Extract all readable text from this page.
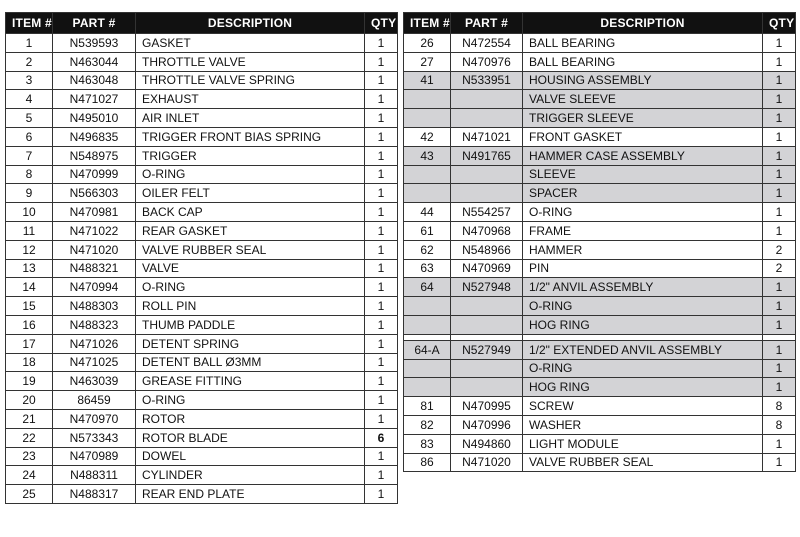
ITEM #	PART #	DESCRIPTION	QTY
1	N539593	GASKET	1
2	N463044	THROTTLE VALVE	1
3	N463048	THROTTLE VALVE SPRING	1
4	N471027	EXHAUST	1
5	N495010	AIR INLET	1
6	N496835	TRIGGER FRONT BIAS SPRING	1
7	N548975	TRIGGER	1
8	N470999	O-RING	1
9	N566303	OILER FELT	1
10	N470981	BACK CAP	1
11	N471022	REAR GASKET	1
12	N471020	VALVE RUBBER SEAL	1
13	N488321	VALVE	1
14	N470994	O-RING	1
15	N488303	ROLL PIN	1
16	N488323	THUMB PADDLE	1
17	N471026	DETENT SPRING	1
18	N471025	DETENT BALL Ø3MM	1
19	N463039	GREASE FITTING	1
20	86459	O-RING	1
21	N470970	ROTOR	1
22	N573343	ROTOR BLADE	6
23	N470989	DOWEL	1
24	N488311	CYLINDER	1
25	N488317	REAR END PLATE	1
ITEM #	PART #	DESCRIPTION	QTY
26	N472554	BALL BEARING	1
27	N470976	BALL BEARING	1
41	N533951	HOUSING ASSEMBLY	1
		VALVE SLEEVE	1
		TRIGGER SLEEVE	1
42	N471021	FRONT GASKET	1
43	N491765	HAMMER CASE ASSEMBLY	1
		SLEEVE	1
		SPACER	1
44	N554257	O-RING	1
61	N470968	FRAME	1
62	N548966	HAMMER	2
63	N470969	PIN	2
64	N527948	1/2" ANVIL ASSEMBLY	1
		O-RING	1
		HOG RING	1

64-A	N527949	1/2" EXTENDED ANVIL ASSEMBLY	1
		O-RING	1
		HOG RING	1
81	N470995	SCREW	8
82	N470996	WASHER	8
83	N494860	LIGHT MODULE	1
86	N471020	VALVE RUBBER SEAL	1
